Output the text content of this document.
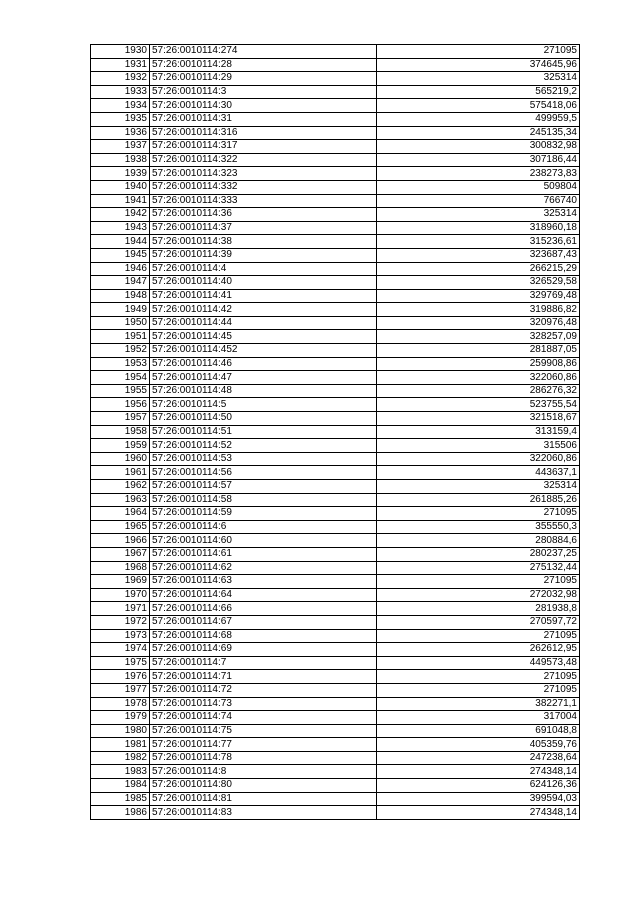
1930	57:26:0010114:274	271095
1931	57:26:0010114:28	374645,96
1932	57:26:0010114:29	325314
1933	57:26:0010114:3	565219,2
1934	57:26:0010114:30	575418,06
1935	57:26:0010114:31	499959,5
1936	57:26:0010114:316	245135,34
1937	57:26:0010114:317	300832,98
1938	57:26:0010114:322	307186,44
1939	57:26:0010114:323	238273,83
1940	57:26:0010114:332	509804
1941	57:26:0010114:333	766740
1942	57:26:0010114:36	325314
1943	57:26:0010114:37	318960,18
1944	57:26:0010114:38	315236,61
1945	57:26:0010114:39	323687,43
1946	57:26:0010114:4	266215,29
1947	57:26:0010114:40	326529,58
1948	57:26:0010114:41	329769,48
1949	57:26:0010114:42	319886,82
1950	57:26:0010114:44	320976,48
1951	57:26:0010114:45	328257,09
1952	57:26:0010114:452	281887,05
1953	57:26:0010114:46	259908,86
1954	57:26:0010114:47	322060,86
1955	57:26:0010114:48	286276,32
1956	57:26:0010114:5	523755,54
1957	57:26:0010114:50	321518,67
1958	57:26:0010114:51	313159,4
1959	57:26:0010114:52	315506
1960	57:26:0010114:53	322060,86
1961	57:26:0010114:56	443637,1
1962	57:26:0010114:57	325314
1963	57:26:0010114:58	261885,26
1964	57:26:0010114:59	271095
1965	57:26:0010114:6	355550,3
1966	57:26:0010114:60	280884,6
1967	57:26:0010114:61	280237,25
1968	57:26:0010114:62	275132,44
1969	57:26:0010114:63	271095
1970	57:26:0010114:64	272032,98
1971	57:26:0010114:66	281938,8
1972	57:26:0010114:67	270597,72
1973	57:26:0010114:68	271095
1974	57:26:0010114:69	262612,95
1975	57:26:0010114:7	449573,48
1976	57:26:0010114:71	271095
1977	57:26:0010114:72	271095
1978	57:26:0010114:73	382271,1
1979	57:26:0010114:74	317004
1980	57:26:0010114:75	691048,8
1981	57:26:0010114:77	405359,76
1982	57:26:0010114:78	247238,64
1983	57:26:0010114:8	274348,14
1984	57:26:0010114:80	624126,36
1985	57:26:0010114:81	399594,03
1986	57:26:0010114:83	274348,14
